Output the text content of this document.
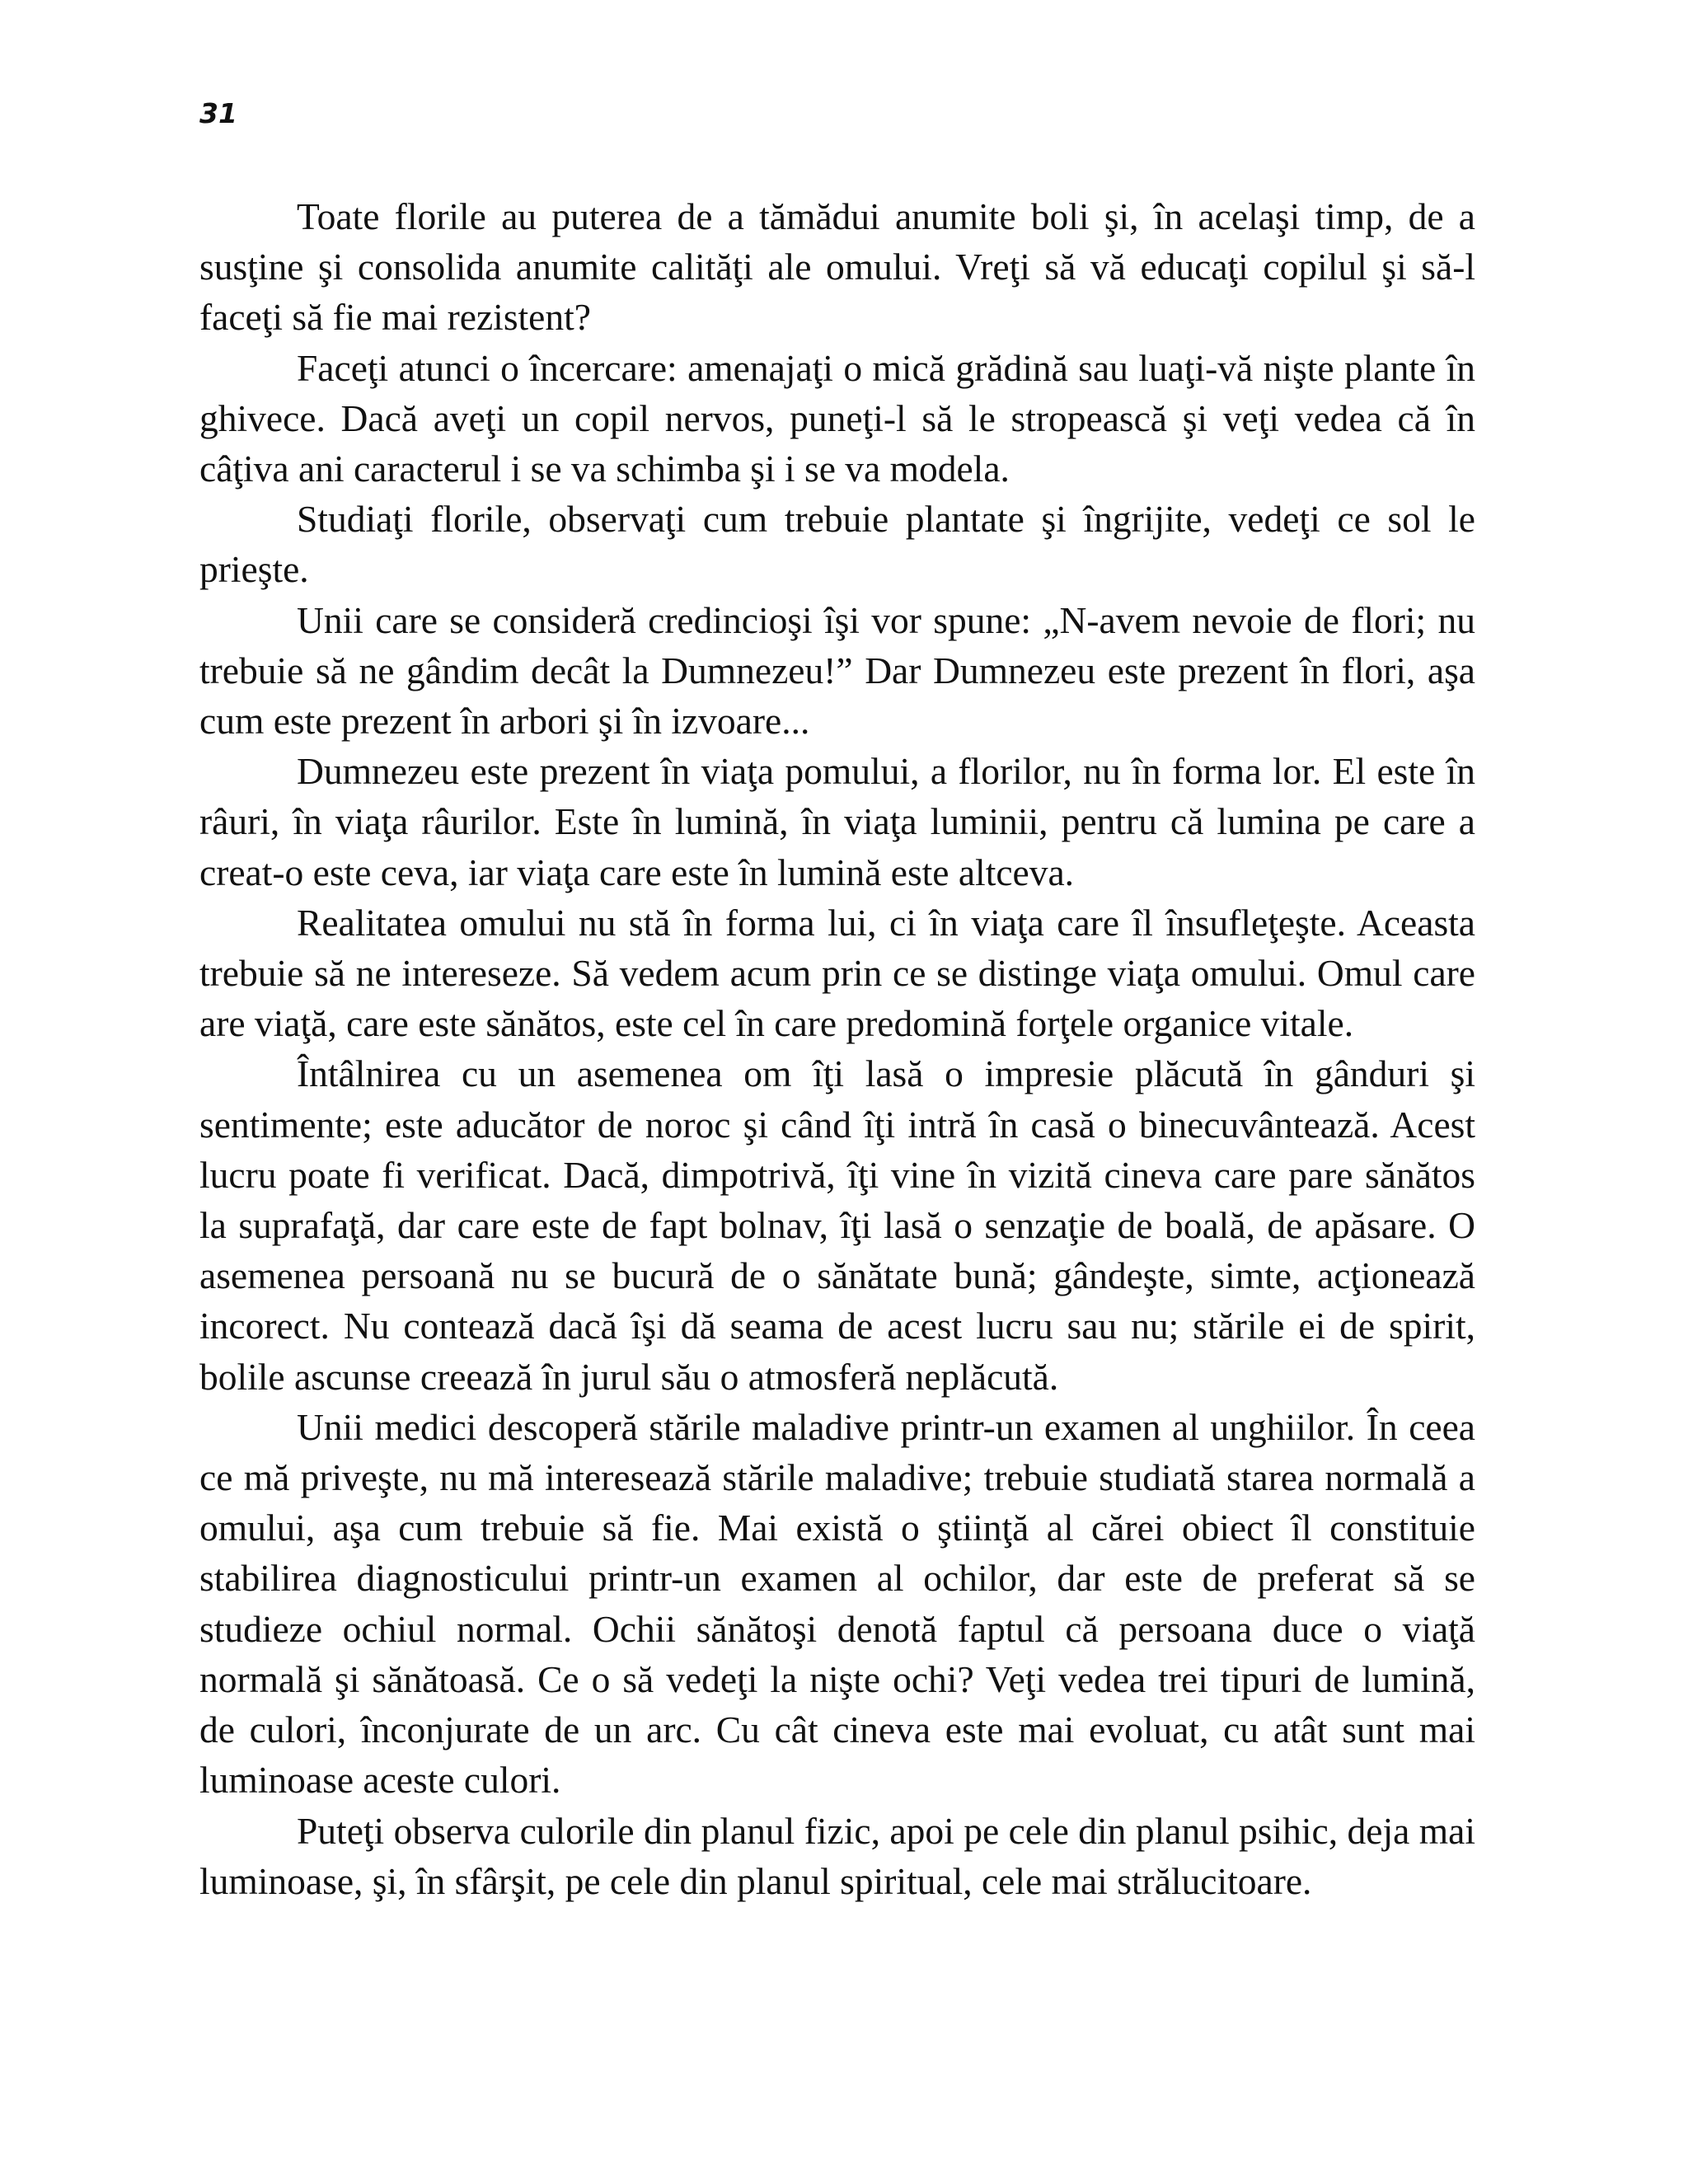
31

Toate florile au puterea de a tămădui anumite boli şi, în acelaşi timp, de a susţine şi consolida anumite calităţi ale omului. Vreţi să vă educaţi copilul şi să-l faceţi să fie mai rezistent?

Faceţi atunci o încercare: amenajaţi o mică grădină sau luaţi-vă nişte plante în ghivece. Dacă aveţi un copil nervos, puneţi-l să le stropească şi veţi vedea că în câţiva ani caracterul i se va schimba şi i se va modela.

Studiaţi florile, observaţi cum trebuie plantate şi îngrijite, vedeţi ce sol le prieşte.

Unii care se consideră credincioşi îşi vor spune: „N-avem nevoie de flori; nu trebuie să ne gândim decât la Dumnezeu!” Dar Dumnezeu este prezent în flori, aşa cum este prezent în arbori şi în izvoare...

Dumnezeu este prezent în viaţa pomului, a florilor, nu în forma lor. El este în râuri, în viaţa râurilor. Este în lumină, în viaţa luminii, pentru că lumina pe care a creat-o este ceva, iar viaţa care este în lumină este altceva.

Realitatea omului nu stă în forma lui, ci în viaţa care îl însufleţeşte. Aceasta trebuie să ne intereseze. Să vedem acum prin ce se distinge viaţa omului. Omul care are viaţă, care este sănătos, este cel în care predomină forţele organice vitale.

Întâlnirea cu un asemenea om îţi lasă o impresie plăcută în gânduri şi sentimente; este aducător de noroc şi când îţi intră în casă o binecuvântează. Acest lucru poate fi verificat. Dacă, dimpotrivă, îţi vine în vizită cineva care pare sănătos la suprafaţă, dar care este de fapt bolnav, îţi lasă o senzaţie de boală, de apăsare. O asemenea persoană nu se bucură de o sănătate bună; gândeşte, simte, acţionează incorect. Nu contează dacă îşi dă seama de acest lucru sau nu; stările ei de spirit, bolile ascunse creează în jurul său o atmosferă neplăcută.

Unii medici descoperă stările maladive printr-un examen al unghiilor. În ceea ce mă priveşte, nu mă interesează stările maladive; trebuie studiată starea normală a omului, aşa cum trebuie să fie. Mai există o ştiinţă al cărei obiect îl constituie stabilirea diagnosticului printr-un examen al ochilor, dar este de preferat să se studieze ochiul normal. Ochii sănătoşi denotă faptul că persoana duce o viaţă normală şi sănătoasă. Ce o să vedeţi la nişte ochi? Veţi vedea trei tipuri de lumină, de culori, înconjurate de un arc. Cu cât cineva este mai evoluat, cu atât sunt mai luminoase aceste culori.

Puteţi observa culorile din planul fizic, apoi pe cele din planul psihic, deja mai luminoase, şi, în sfârşit, pe cele din planul spiritual, cele mai strălucitoare.
